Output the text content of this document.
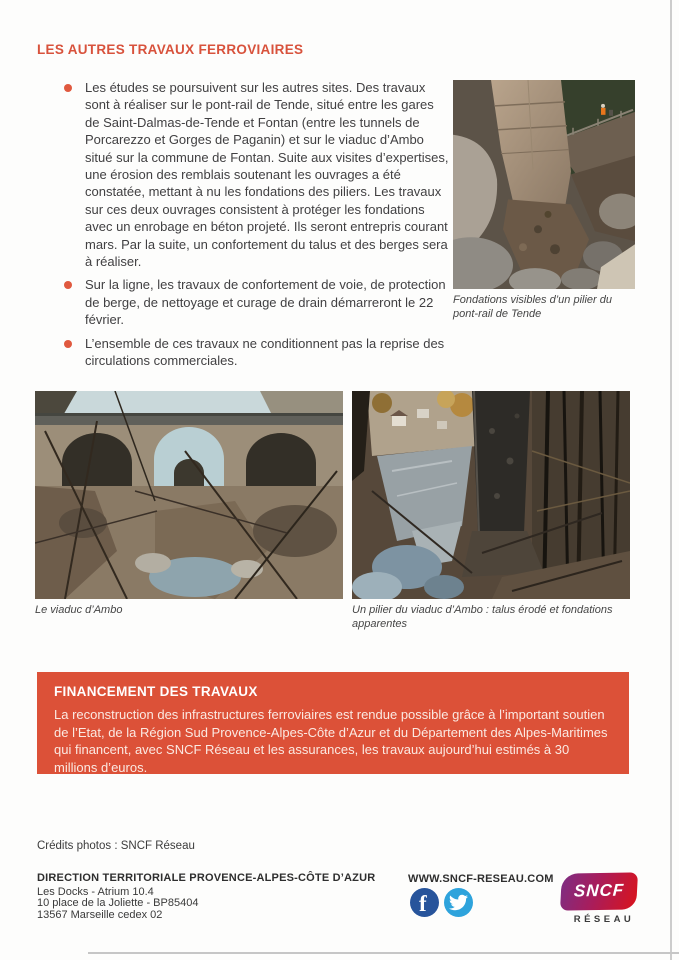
LES AUTRES TRAVAUX FERROVIAIRES

Les études se poursuivent sur les autres sites. Des travaux sont à réaliser sur le pont-rail de Tende, situé entre les gares de Saint-Dalmas-de-Tende et Fontan (entre les tunnels de Porcarezzo et Gorges de Paganin) et sur le viaduc d’Ambo situé sur la commune de Fontan. Suite aux visites d’expertises, une érosion des remblais soutenant les ouvrages a été constatée, mettant à nu les fondations des piliers. Les travaux sur ces deux ouvrages consistent à protéger les fondations avec un enrobage en béton projeté. Ils seront entrepris courant mars. Par la suite, un confortement du talus et des berges sera à réaliser.

Sur la ligne, les travaux de confortement de voie, de protection de berge, de nettoyage et curage de drain démarreront le 22 février.

L’ensemble de ces travaux ne conditionnent pas la reprise des circulations commerciales.

Fondations visibles d’un pilier du pont-rail de Tende
Le viaduc d’Ambo	Un pilier du viaduc d’Ambo : talus érodé et fondations apparentes
FINANCEMENT DES TRAVAUX

La reconstruction des infrastructures ferroviaires est rendue possible grâce à l’important soutien de l’Etat, de la Région Sud Provence-Alpes-Côte d’Azur et du Département des Alpes-Maritimes qui financent, avec SNCF Réseau et les assurances, les travaux aujourd’hui estimés à 30 millions d’euros.

Crédits photos : SNCF Réseau

DIRECTION TERRITORIALE PROVENCE-ALPES-CÔTE D’AZUR
Les Docks - Atrium 10.4
10 place de la Joliette - BP85404
13567 Marseille cedex 02
WWW.SNCF-RESEAU.COM
f
SNCF
RÉSEAU
